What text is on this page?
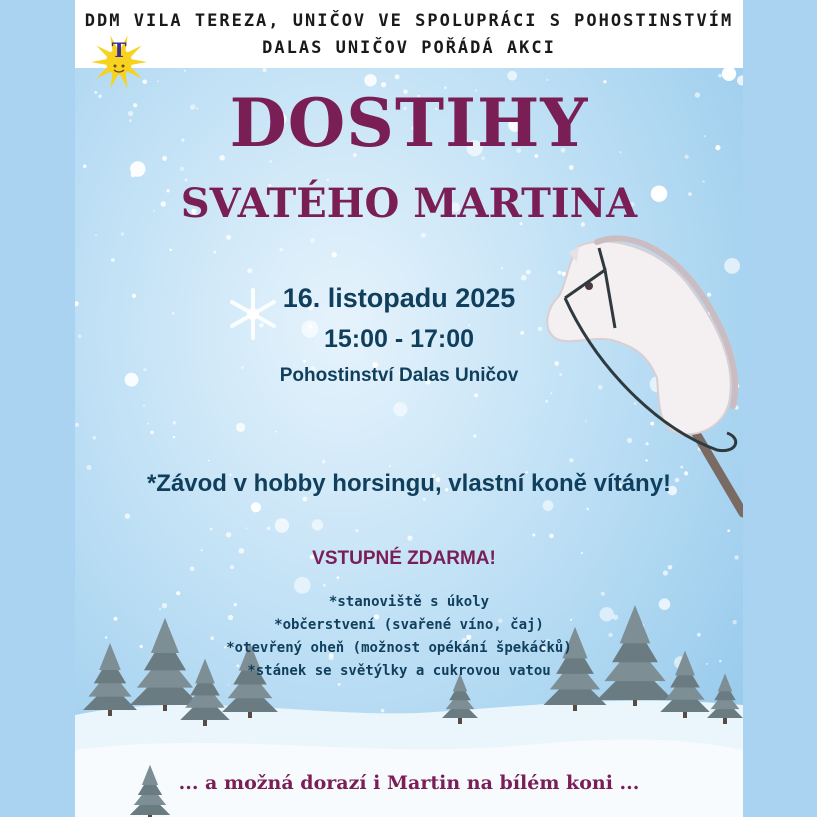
DDM VILA TEREZA, UNIČOV VE SPOLUPRÁCI S POHOSTINSTVÍM
DALAS UNIČOV POŘÁDÁ AKCI
T
DOSTIHY
SVATÉHO MARTINA
16. listopadu 2025
15:00 - 17:00
Pohostinství Dalas Uničov
*Závod v hobby horsingu, vlastní koně vítány!
VSTUPNÉ ZDARMA!
*stanoviště s úkoly
*občerstvení (svařené víno, čaj)
*otevřený oheň (možnost opékání špekáčků)
*stánek se světýlky a cukrovou vatou
... a možná dorazí i Martin na bílém koni ...
